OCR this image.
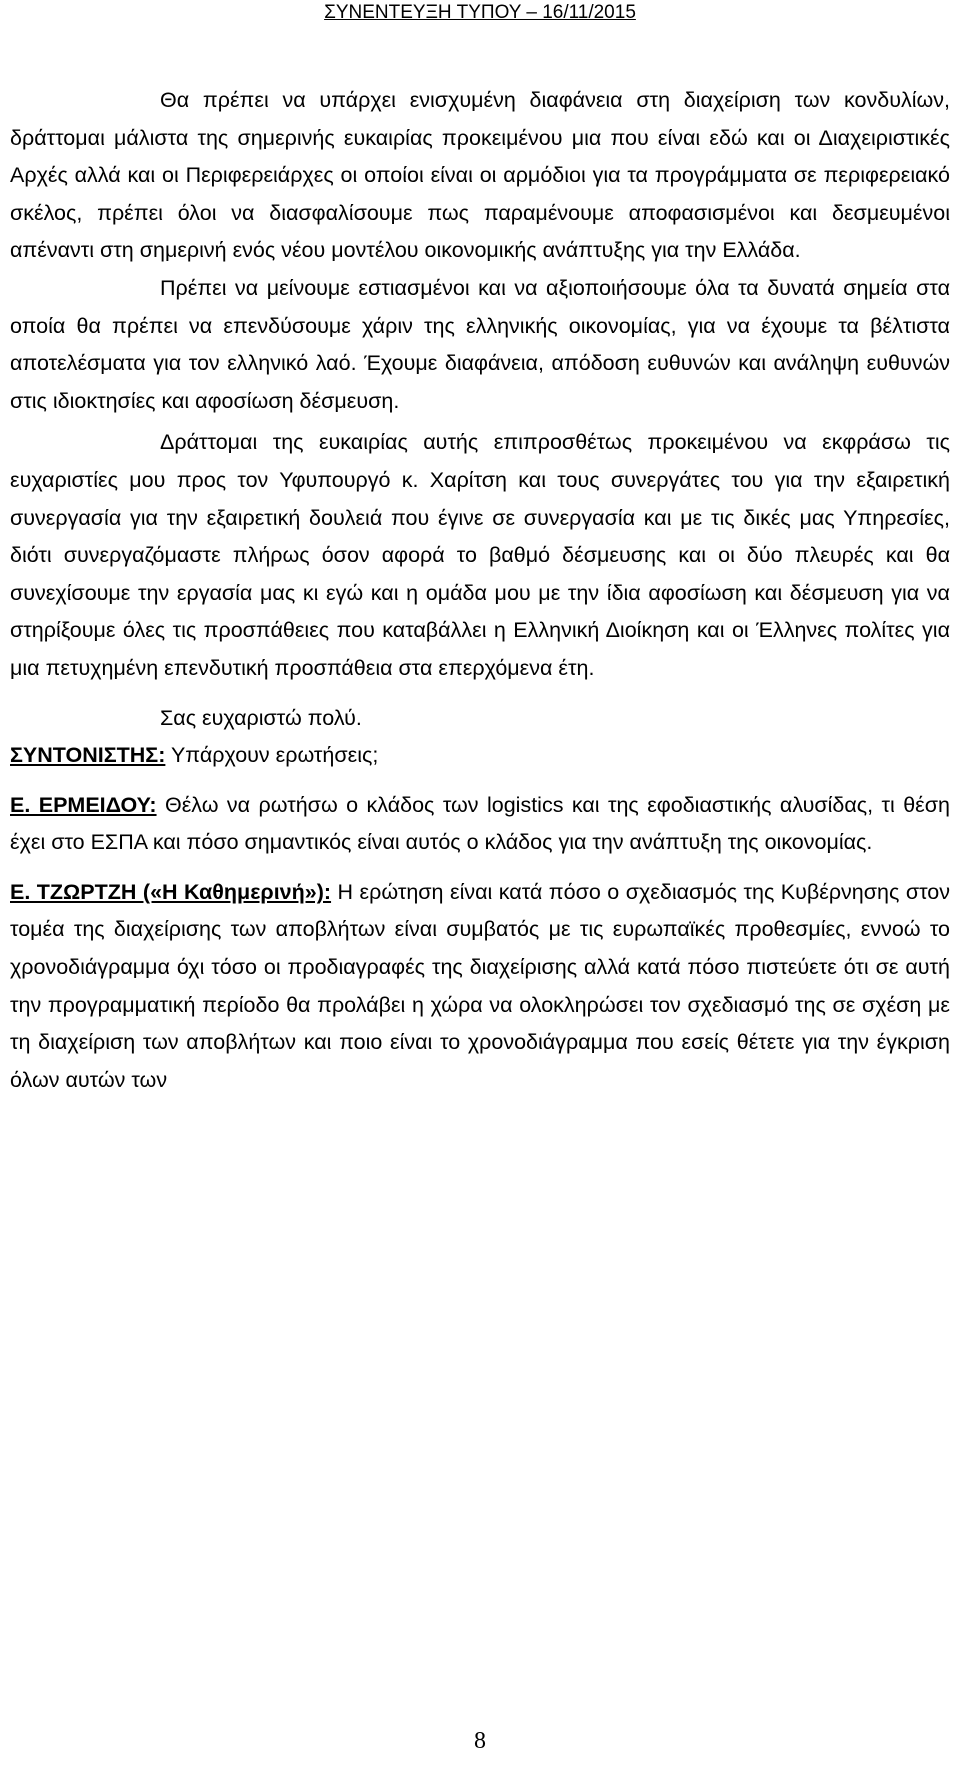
ΣΥΝΕΝΤΕΥΞΗ ΤΥΠΟΥ – 16/11/2015

Θα πρέπει να υπάρχει ενισχυμένη διαφάνεια στη διαχείριση των κονδυλίων, δράττομαι μάλιστα της σημερινής ευκαιρίας προκειμένου μια που είναι εδώ και οι Διαχειριστικές Αρχές αλλά και οι Περιφερειάρχες οι οποίοι είναι οι αρμόδιοι για τα προγράμματα σε περιφερειακό σκέλος, πρέπει όλοι να διασφαλίσουμε πως παραμένουμε αποφασισμένοι και δεσμευμένοι απέναντι στη σημερινή ενός νέου μοντέλου οικονομικής ανάπτυξης για την Ελλάδα.

Πρέπει να μείνουμε εστιασμένοι και να αξιοποιήσουμε όλα τα δυνατά σημεία στα οποία θα πρέπει να επενδύσουμε χάριν της ελληνικής οικονομίας, για να έχουμε τα βέλτιστα αποτελέσματα για τον ελληνικό λαό. Έχουμε διαφάνεια, απόδοση ευθυνών και ανάληψη ευθυνών στις ιδιοκτησίες και αφοσίωση δέσμευση.

Δράττομαι της ευκαιρίας αυτής επιπροσθέτως προκειμένου να εκφράσω τις ευχαριστίες μου προς τον Υφυπουργό κ. Χαρίτση και τους συνεργάτες του για την εξαιρετική συνεργασία για την εξαιρετική δουλειά που έγινε σε συνεργασία και με τις δικές μας Υπηρεσίες, διότι συνεργαζόμαστε πλήρως όσον αφορά το βαθμό δέσμευσης και οι δύο πλευρές και θα συνεχίσουμε την εργασία μας κι εγώ και η ομάδα μου με την ίδια αφοσίωση και δέσμευση για να στηρίξουμε όλες τις προσπάθειες που καταβάλλει η Ελληνική Διοίκηση και οι Έλληνες πολίτες για μια πετυχημένη επενδυτική προσπάθεια στα επερχόμενα έτη.

Σας ευχαριστώ πολύ.

ΣΥΝΤΟΝΙΣΤΗΣ: Υπάρχουν ερωτήσεις;

Ε. ΕΡΜΕΙΔΟΥ: Θέλω να ρωτήσω ο κλάδος των logistics και της εφοδιαστικής αλυσίδας, τι θέση έχει στο ΕΣΠΑ και πόσο σημαντικός είναι αυτός ο κλάδος για την ανάπτυξη της οικονομίας.

Ε. ΤΖΩΡΤΖΗ («Η Καθημερινή»): Η ερώτηση είναι κατά πόσο ο σχεδιασμός της Κυβέρνησης στον τομέα της διαχείρισης των αποβλήτων είναι συμβατός με τις ευρωπαϊκές προθεσμίες, εννοώ το χρονοδιάγραμμα όχι τόσο οι προδιαγραφές της διαχείρισης αλλά κατά πόσο πιστεύετε ότι σε αυτή την προγραμματική περίοδο θα προλάβει η χώρα να ολοκληρώσει τον σχεδιασμό της σε σχέση με τη διαχείριση των αποβλήτων και ποιο είναι το χρονοδιάγραμμα που εσείς θέτετε για την έγκριση όλων αυτών των

8
